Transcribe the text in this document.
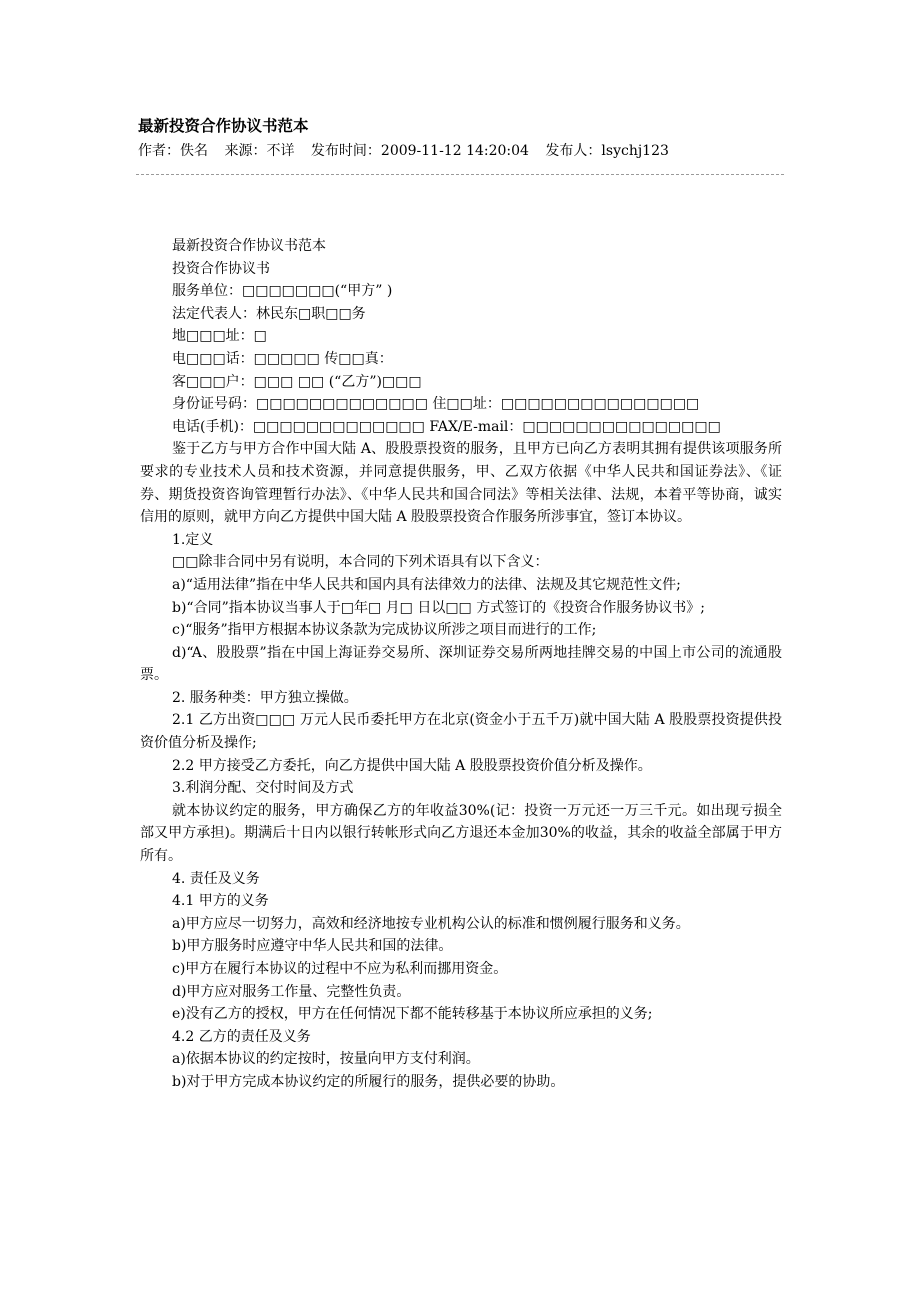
最新投资合作协议书范本
作者：佚名 来源：不详 发布时间：2009-11-12 14:20:04 发布人：lsychj123

最新投资合作协议书范本

投资合作协议书

服务单位：□□□□□□□(“甲方” )

法定代表人：林民东□职□□务

地□□□址：□

电□□□话：□□□□□ 传□□真：

客□□□户：□□□ □□ (“乙方”)□□□

身份证号码：□□□□□□□□□□□□□ 住□□址：□□□□□□□□□□□□□□□

电话(手机)：□□□□□□□□□□□□□ FAX/E-mail：□□□□□□□□□□□□□□□

鉴于乙方与甲方合作中国大陆 A、股股票投资的服务，且甲方已向乙方表明其拥有提供该项服务所要求的专业技术人员和技术资源，并同意提供服务，甲、乙双方依据《中华人民共和国证券法》、《证券、期货投资咨询管理暂行办法》、《中华人民共和国合同法》等相关法律、法规，本着平等协商，诚实信用的原则，就甲方向乙方提供中国大陆 A 股股票投资合作服务所涉事宜，签订本协议。

1.定义

□□除非合同中另有说明，本合同的下列术语具有以下含义：

a)“适用法律”指在中华人民共和国内具有法律效力的法律、法规及其它规范性文件;

b)“合同”指本协议当事人于□年□ 月□ 日以□□ 方式签订的《投资合作服务协议书》;

c)“服务”指甲方根据本协议条款为完成协议所涉之项目而进行的工作;

d)“A、股股票”指在中国上海证券交易所、深圳证券交易所两地挂牌交易的中国上市公司的流通股票。

2. 服务种类：甲方独立操做。

2.1 乙方出资□□□ 万元人民币委托甲方在北京(资金小于五千万)就中国大陆 A 股股票投资提供投资价值分析及操作;

2.2 甲方接受乙方委托，向乙方提供中国大陆 A 股股票投资价值分析及操作。

3.利润分配、交付时间及方式

就本协议约定的服务，甲方确保乙方的年收益30%(记：投资一万元还一万三千元。如出现亏损全部又甲方承担)。期满后十日内以银行转帐形式向乙方退还本金加30%的收益，其余的收益全部属于甲方所有。

4. 责任及义务

4.1 甲方的义务

a)甲方应尽一切努力，高效和经济地按专业机构公认的标准和惯例履行服务和义务。

b)甲方服务时应遵守中华人民共和国的法律。

c)甲方在履行本协议的过程中不应为私利而挪用资金。

d)甲方应对服务工作量、完整性负责。

e)没有乙方的授权，甲方在任何情况下都不能转移基于本协议所应承担的义务;

4.2 乙方的责任及义务

a)依据本协议的约定按时，按量向甲方支付利润。

b)对于甲方完成本协议约定的所履行的服务，提供必要的协助。
